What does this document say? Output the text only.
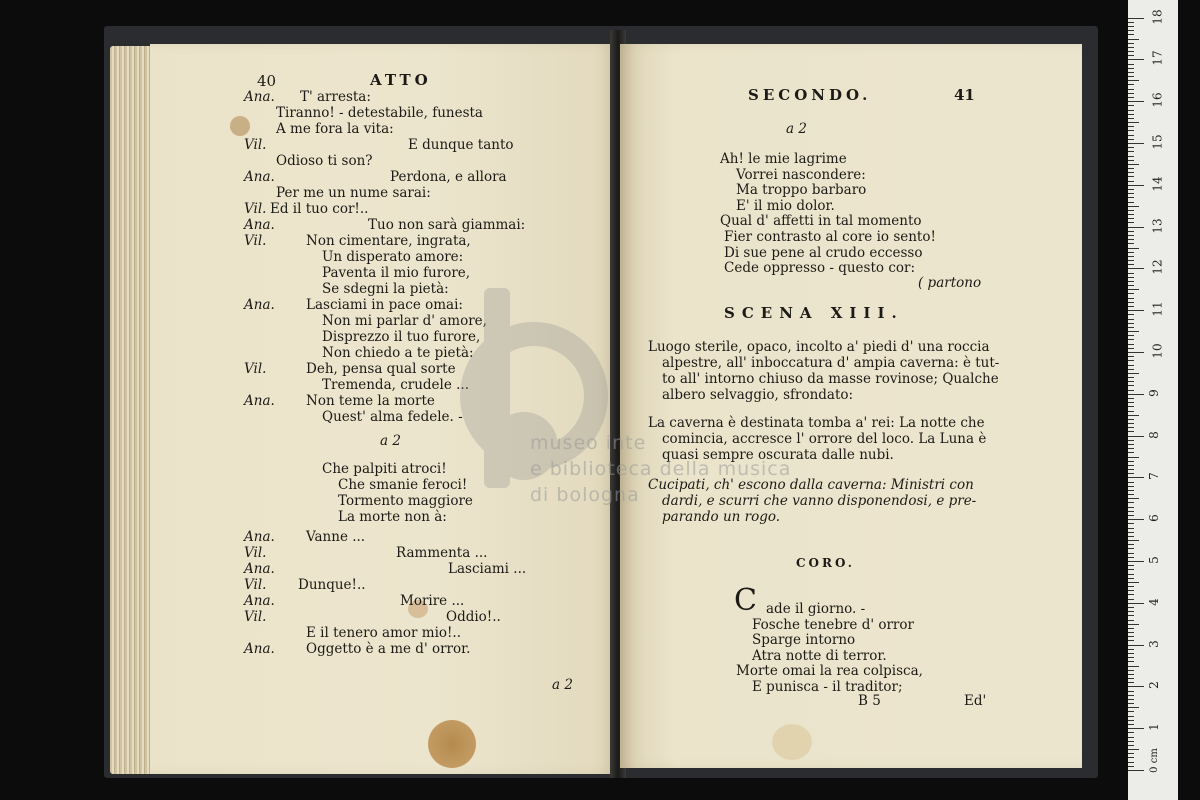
40	ATTO
Ana. T' arresta:
Tiranno! - detestabile, funesta
A me fora la vita:
Vil.	E dunque tanto
Odioso ti son?
Ana.	Perdona, e allora
Per me un nume sarai:
Vil. Ed il tuo cor!..
Ana.	Tuo non sarà giammai:
Vil.	Non cimentare, ingrata,
Un disperato amore:
Paventa il mio furore,
Se sdegni la pietà:
Ana. Lasciami in pace omai:
Non mi parlar d' amore,
Disprezzo il tuo furore,
Non chiedo a te pietà:
Vil.	Deh, pensa qual sorte
Tremenda, crudele ...
Ana. Non teme la morte
Quest' alma fedele. -
a 2
Che palpiti atroci!
Che smanie feroci!
Tormento maggiore
La morte non à:
Ana. Vanne ...
Vil.	Rammenta ...
Ana.	Lasciami ...
Vil. Dunque!..
Ana.	Morire ...
Vil.	Oddio!..
E il tenero amor mio!..
Ana. Oggetto è a me d' orror.
a 2
SECONDO.	41
a 2
Ah! le mie lagrime
Vorrei nascondere:
Ma troppo barbaro
E' il mio dolor.
Qual d' affetti in tal momento
Fier contrasto al core io sento!
Di sue pene al crudo eccesso
Cede oppresso - questo cor:
( partono
SCENA XIII.
Luogo sterile, opaco, incolto a' piedi d' una roccia
alpestre, all' inboccatura d' ampia caverna: è tut-
to all' intorno chiuso da masse rovinose; Qualche
albero selvaggio, sfrondato:
La caverna è destinata tomba a' rei: La notte che
comincia, accresce l' orrore del loco. La Luna è
quasi sempre oscurata dalle nubi.
Cucipati, ch' escono dalla caverna: Ministri con
dardi, e scurri che vanno disponendosi, e pre-
parando un rogo.
CORO.
C ade il giorno. -
Fosche tenebre d' orror
Sparge intorno
Atra notte di terror.
Morte omai la rea colpisca,
E punisca - il traditor;
B 5	Ed'
museo inte
e biblioteca della musica
di bologna
1
2
3
4
5
6
7
8
9
10
11
12
13
14
15
16
17
18
0 cm
